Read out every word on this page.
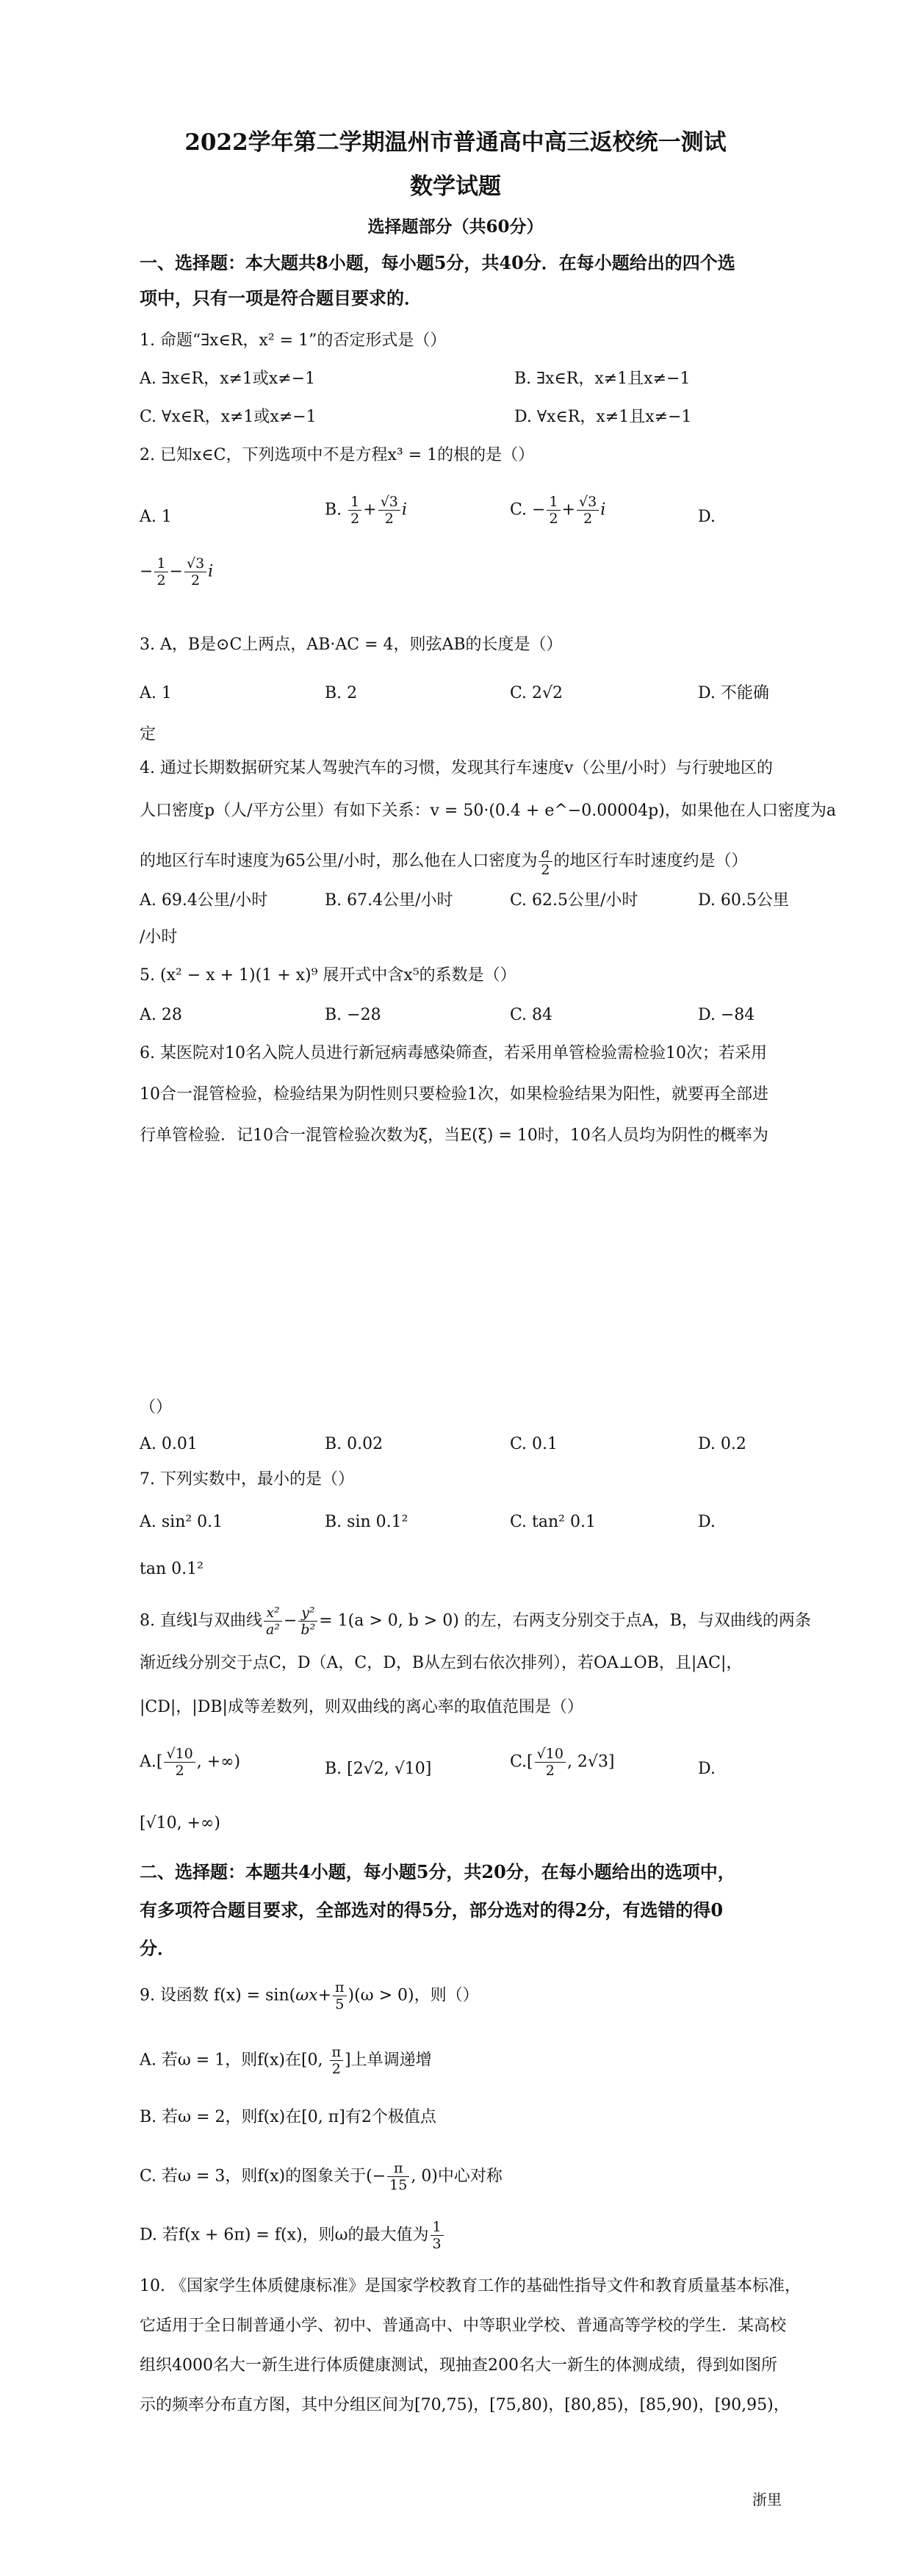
2022学年第二学期温州市普通高中高三返校统一测试
数学试题
选择题部分（共60分）
一、选择题：本大题共8小题，每小题5分，共40分．在每小题给出的四个选
项中，只有一项是符合题目要求的．
1. 命题“∃x∈R，x² = 1”的否定形式是（）
A. ∃x∈R，x≠1或x≠−1	B. ∃x∈R，x≠1且x≠−1
C. ∀x∈R，x≠1或x≠−1	D. ∀x∈R，x≠1且x≠−1
2. 已知x∈C，下列选项中不是方程x³ = 1的根的是（）
A. 1	B. $\frac{1}{2} + \frac{√3}{2}$ i	C. − $\frac{1}{2} + \frac{√3}{2}$ i	D.
− $\frac{1}{2} - \frac{√3}{2}$ i
3. A，B是⊙C上两点，AB·AC = 4，则弦AB的长度是（）
A. 1	B. 2	C. 2√2	D. 不能确
定
4. 通过长期数据研究某人驾驶汽车的习惯，发现其行车速度v（公里/小时）与行驶地区的
人口密度p（人/平方公里）有如下关系：v = 50·(0.4 + e^−0.00004p)，如果他在人口密度为a
的地区行车时速度为65公里/小时，那么他在人口密度为 $\frac{a}{2}$ 的地区行车时速度约是（）
A. 69.4公里/小时	B. 67.4公里/小时	C. 62.5公里/小时	D. 60.5公里
/小时
5. (x² − x + 1)(1 + x)⁹ 展开式中含x⁵的系数是（）
A. 28	B. −28	C. 84	D. −84
6. 某医院对10名入院人员进行新冠病毒感染筛查，若采用单管检验需检验10次；若采用
10合一混管检验，检验结果为阴性则只要检验1次，如果检验结果为阳性，就要再全部进
行单管检验．记10合一混管检验次数为ξ，当E(ξ) = 10时，10名人员均为阴性的概率为
（）
A. 0.01	B. 0.02	C. 0.1	D. 0.2
7. 下列实数中，最小的是（）
A. sin² 0.1	B. sin 0.1²	C. tan² 0.1	D.
tan 0.1²
8. 直线l与双曲线 $\frac{\text{x²}}{\text{a²}} - \frac{\text{y²}}{\text{b²}} = 1(a > 0$, b > 0) 的左，右两支分别交于点A，B，与双曲线的两条
渐近线分别交于点C，D（A，C，D，B从左到右依次排列），若OA⊥OB，且|AC|，
|CD|，|DB|成等差数列，则双曲线的离心率的取值范围是（）
$A.[ \frac{√10}{2}$ , +∞)	B. [2√2, √10]	$C.[ \frac{√10}{2}$ , 2√3]	D.
[√10, +∞)
二、选择题：本题共4小题，每小题5分，共20分，在每小题给出的选项中，
有多项符合题目要求，全部选对的得5分，部分选对的得2分，有选错的得0
分．
9. 设函数 $f(x) = \sin(\omega x+ \frac{\pi}{5} )(\omega > 0)$，则（）
A. 若ω = 1，则f(x)在[0, $\frac{\pi}{2}$ ]上单调递增
B. 若ω = 2，则f(x)在[0, π]有2个极值点
C. 若ω = 3，则f(x)的图象关于(− $\frac{\pi}{15}$ , 0)中心对称
D. 若f(x + 6π) = f(x)，则ω的最大值为 $\frac{1}{3}$
10. 《国家学生体质健康标准》是国家学校教育工作的基础性指导文件和教育质量基本标准，
它适用于全日制普通小学、初中、普通高中、中等职业学校、普通高等学校的学生．某高校
组织4000名大一新生进行体质健康测试，现抽查200名大一新生的体测成绩，得到如图所
示的频率分布直方图，其中分组区间为[70,75)，[75,80)，[80,85)，[85,90)，[90,95)，
浙里
